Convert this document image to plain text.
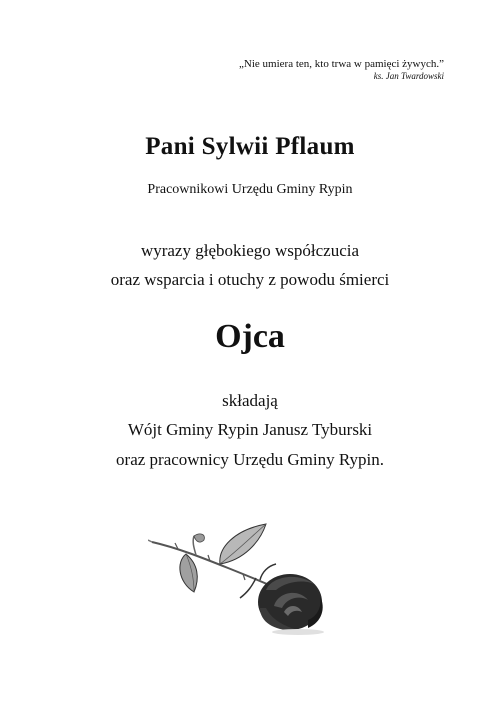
„Nie umiera ten, kto trwa w pamięci żywych.”
ks. Jan Twardowski
Pani Sylwii Pflaum
Pracownikowi Urzędu Gminy Rypin
wyrazy głębokiego współczucia
oraz wsparcia i otuchy z powodu śmierci
Ojca
składają
Wójt Gminy Rypin Janusz Tyburski
oraz pracownicy Urzędu Gminy Rypin.
